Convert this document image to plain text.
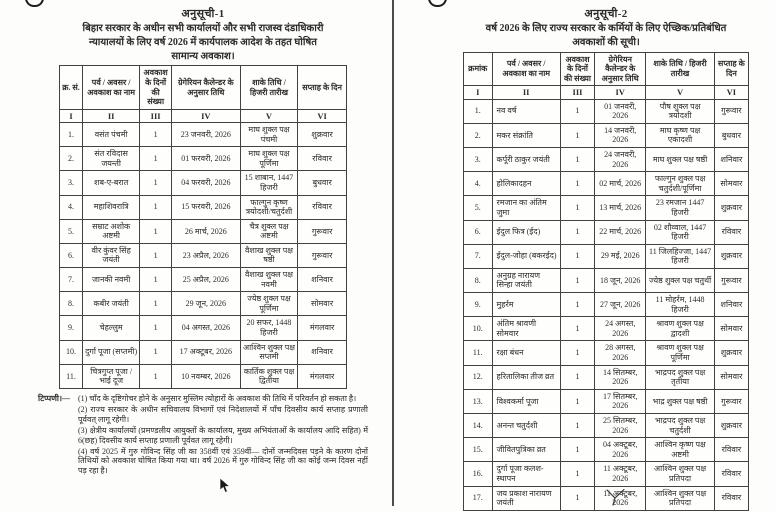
अनुसूची-1
बिहार सरकार के अधीन सभी कार्यालयों और सभी राजस्व दंडाधिकारी
न्यायालयों के लिए वर्ष 2026 में कार्यपालक आदेश के तहत घोषित
सामान्य अवकाश।
क्र. सं.	पर्व / अवसर / अवकाश का नाम	अवकाश के दिनों की संख्या	ग्रेगेरियन कैलेन्डर के अनुसार तिथि	शाके तिथि / हिजरी तारीख	सप्ताह के दिन
I	II	III	IV	V	VI
1.	वसंत पंचमी	1	23 जनवरी, 2026	माघ शुक्ल पक्ष पंचमी	शुक्रवार
2.	संत रविदास जयन्ती	1	01 फरवरी, 2026	माघ शुक्ल पक्ष पूर्णिमा	रविवार
3.	शब-ए-बरात	1	04 फरवरी, 2026	15 शाबान, 1447 हिजरी	बुधवार
4.	महाशिवरात्रि	1	15 फरवरी, 2026	फाल्गुन कृष्ण त्रयोदशी/चतुर्दशी	रविवार
5.	सम्राट अशोक अष्टमी	1	26 मार्च, 2026	चैत्र शुक्ल पक्ष अष्टमी	गुरूवार
6.	वीर कुंवर सिंह जयंती	1	23 अप्रैल, 2026	वैशाख शुक्ल पक्ष षष्ठी	गुरूवार
7.	जानकी नवमी	1	25 अप्रैल, 2026	वैशाख शुक्ल पक्ष नवमी	शनिवार
8.	कबीर जयंती	1	29 जून, 2026	ज्येष्ठ शुक्ल पक्ष पूर्णिमा	सोमवार
9.	चेहल्लुम	1	04 अगस्त, 2026	20 सफर, 1448 हिजरी	मंगलवार
10.	दुर्गा पूजा (सप्तमी)	1	17 अक्टूबर, 2026	आश्विन शुक्ल पक्ष सप्तमी	शनिवार
11.	चित्रगुप्त पूजा / भाई दूज	1	10 नवम्बर, 2026	कार्तिक शुक्ल पक्ष द्वितीया	मंगलवार
टिप्पणी।—	(1) चाँद के दृष्टिगोचर होने के अनुसार मुस्लिम त्योहारों के अवकाश की तिथि में परिवर्तन हो सकता है।

(2) राज्य सरकार के अधीन सचिवालय विभागों एवं निदेशालयों में पाँच दिवसीय कार्य सप्ताह प्रणाली पूर्ववत् लागू रहेगी।

(3) क्षेत्रीय कार्यालयों (प्रमण्डलीय आयुक्तों के कार्यालय, मुख्य अभियंताओं के कार्यालय आदि सहित) में 6(छह) दिवसीय कार्य सप्ताह प्रणाली पूर्ववत लागू रहेगी।

(4) वर्ष 2025 में गुरु गोविन्द सिंह जी का 358वीं एवं 359वीं— दोनों जन्मदिवस पड़ने के कारण दोनों तिथियों को अवकाश घोषित किया गया था। वर्ष 2026 में गुरु गोविन्द सिंह जी का कोई जन्म दिवस नहीं पड़ रहा है।

अनुसूची-2
वर्ष 2026 के लिए राज्य सरकार के कर्मियों के लिए ऐच्छिक/प्रतिबंधित
अवकाशों की सूची।
क्रमांक	पर्व / अवसर / अवकाश का नाम	अवकाश के दिनों की संख्या	ग्रेगेरियन कैलेन्डर के अनुसार तिथि	शाके तिथि / हिजरी तारीख	सप्ताह के दिन
I	II	III	IV	V	VI
1.	नव वर्ष	1	01 जनवरी, 2026	पौष शुक्ल पक्ष त्रयोदशी	गुरूवार
2.	मकर संक्रांति	1	14 जनवरी, 2026	माघ कृष्ण पक्ष एकादशी	बुधवार
3.	कर्पूरी ठाकुर जयंती	1	24 जनवरी, 2026	माघ शुक्ल पक्ष षष्ठी	शनिवार
4.	होलिकादहन	1	02 मार्च, 2026	फाल्गुन शुक्ल पक्ष चतुर्दशी/पूर्णिमा	सोमवार
5.	रमजान का अंतिम जुमा	1	13 मार्च, 2026	23 रमजान 1447 हिजरी	शुक्रवार
6.	ईदुल फित्र (ईद)	1	22 मार्च, 2026	02 शौव्वाल, 1447 हिजरी	रविवार
7.	ईदुल-जोहा (बकरईद)	1	29 मई, 2026	11 जिलहिज्जा, 1447 हिजरी	शुक्रवार
8.	अनुग्रह नारायण सिन्हा जयंती	1	18 जून, 2026	ज्येष्ठ शुक्ल पक्ष चतुर्थी	गुरूवार
9.	मुहर्रम	1	27 जून, 2026	11 मोहर्रम, 1448 हिजरी	शनिवार
10.	अंतिम श्रावणी सोमवार	1	24 अगस्त, 2026	श्रावण शुक्ल पक्ष द्वादशी	सोमवार
11.	रक्षा बंधन	1	28 अगस्त, 2026	श्रावण शुक्ल पक्ष पूर्णिमा	शुक्रवार
12.	हरितालिका तीज व्रत	1	14 सितम्बर, 2026	भाद्रपद शुक्ल पक्ष तृतीया	सोमवार
13.	विश्वकर्मा पूजा	1	17 सितम्बर, 2026	भाद्र शुक्ल पक्ष षष्ठी	गुरूवार
14.	अनन्त चतुर्दशी	1	25 सितम्बर, 2026	भाद्रपद शुक्ल पक्ष चतुर्दशी	शुक्रवार
15.	जीवितपुत्रिका व्रत	1	04 अक्टूबर, 2026	आश्विन कृष्ण पक्ष अष्टमी	रविवार
16.	दुर्गा पूजा कलश-स्थापन	1	11 अक्टूबर, 2026	आश्विन शुक्ल पक्ष प्रतिपदा	रविवार
17.	जय प्रकाश नारायण जयंती	1	11 अक्टूबर, 2026	आश्विन शुक्ल पक्ष प्रतिपदा	रविवार
